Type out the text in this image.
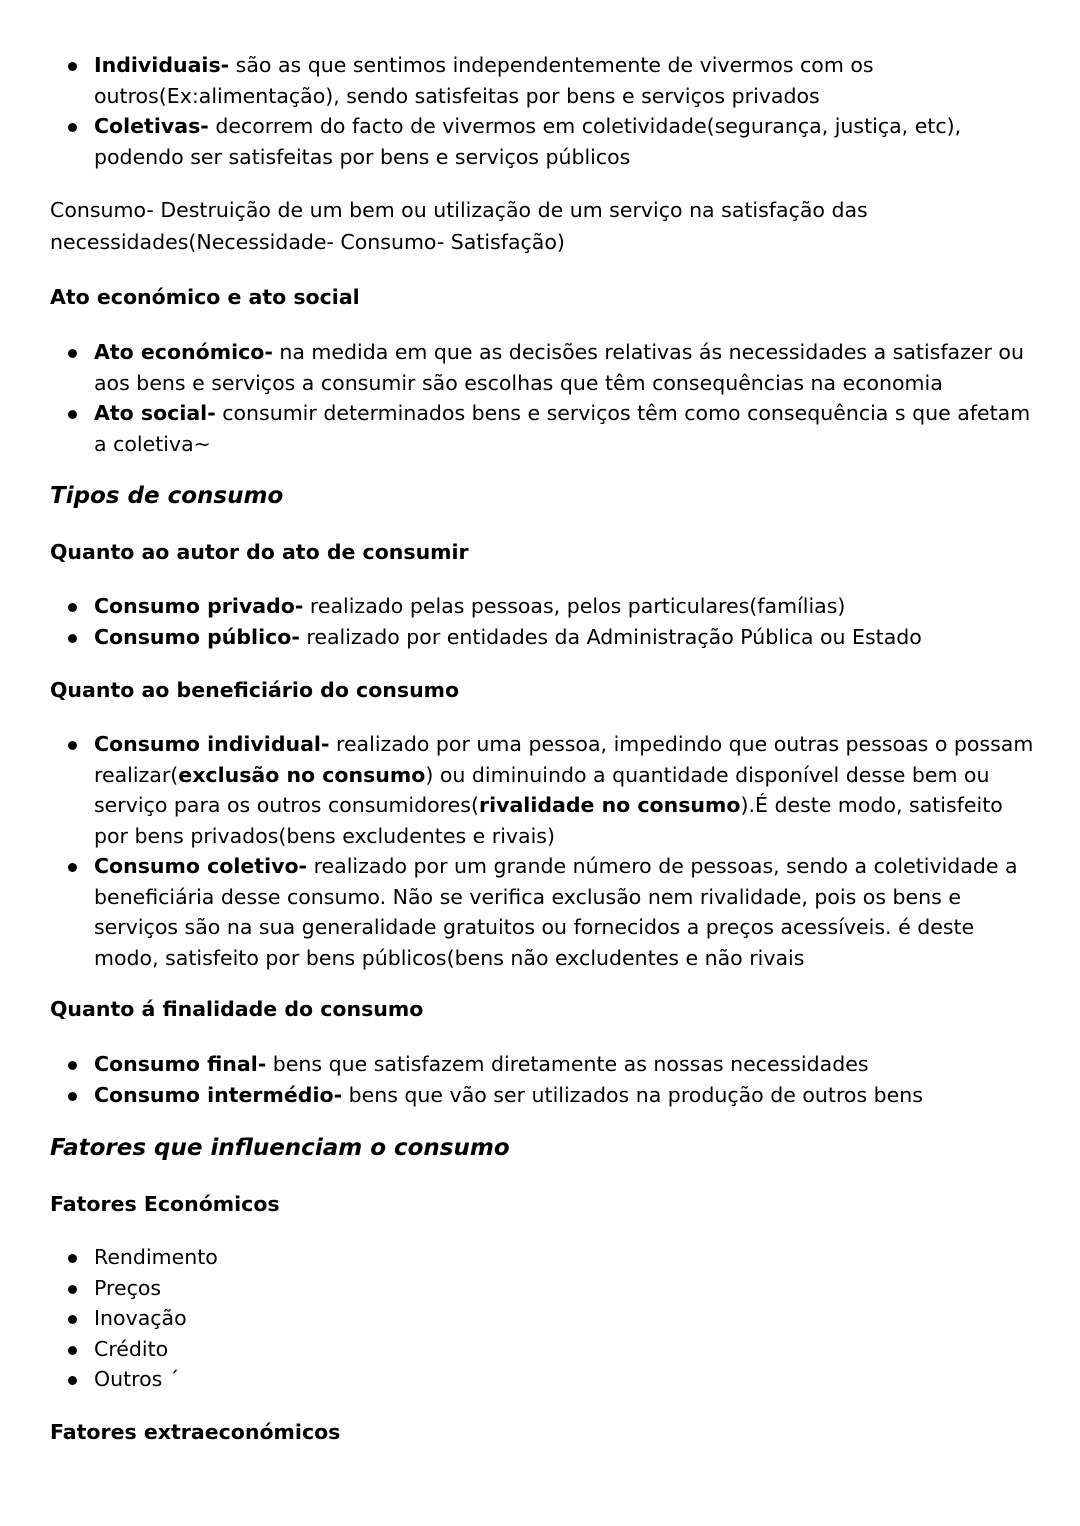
Individuais- são as que sentimos independentemente de vivermos com os outros(Ex:alimentação), sendo satisfeitas por bens e serviços privados
Coletivas- decorrem do facto de vivermos em coletividade(segurança, justiça, etc), podendo ser satisfeitas por bens e serviços públicos

Consumo- Destruição de um bem ou utilização de um serviço na satisfação das necessidades(Necessidade- Consumo- Satisfação)

Ato económico e ato social

Ato económico- na medida em que as decisões relativas ás necessidades a satisfazer ou aos bens e serviços a consumir são escolhas que têm consequências na economia
Ato social- consumir determinados bens e serviços têm como consequência s que afetam a coletiva~

Tipos de consumo

Quanto ao autor do ato de consumir

Consumo privado- realizado pelas pessoas, pelos particulares(famílias)
Consumo público- realizado por entidades da Administração Pública ou Estado

Quanto ao beneficiário do consumo

Consumo individual- realizado por uma pessoa, impedindo que outras pessoas o possam realizar(exclusão no consumo) ou diminuindo a quantidade disponível desse bem ou serviço para os outros consumidores(rivalidade no consumo).É deste modo, satisfeito por bens privados(bens excludentes e rivais)
Consumo coletivo- realizado por um grande número de pessoas, sendo a coletividade a beneficiária desse consumo. Não se verifica exclusão nem rivalidade, pois os bens e serviços são na sua generalidade gratuitos ou fornecidos a preços acessíveis. é deste modo, satisfeito por bens públicos(bens não excludentes e não rivais

Quanto á finalidade do consumo

Consumo final- bens que satisfazem diretamente as nossas necessidades
Consumo intermédio- bens que vão ser utilizados na produção de outros bens

Fatores que influenciam o consumo

Fatores Económicos

Rendimento
Preços
Inovação
Crédito
Outros ´

Fatores extraeconómicos
